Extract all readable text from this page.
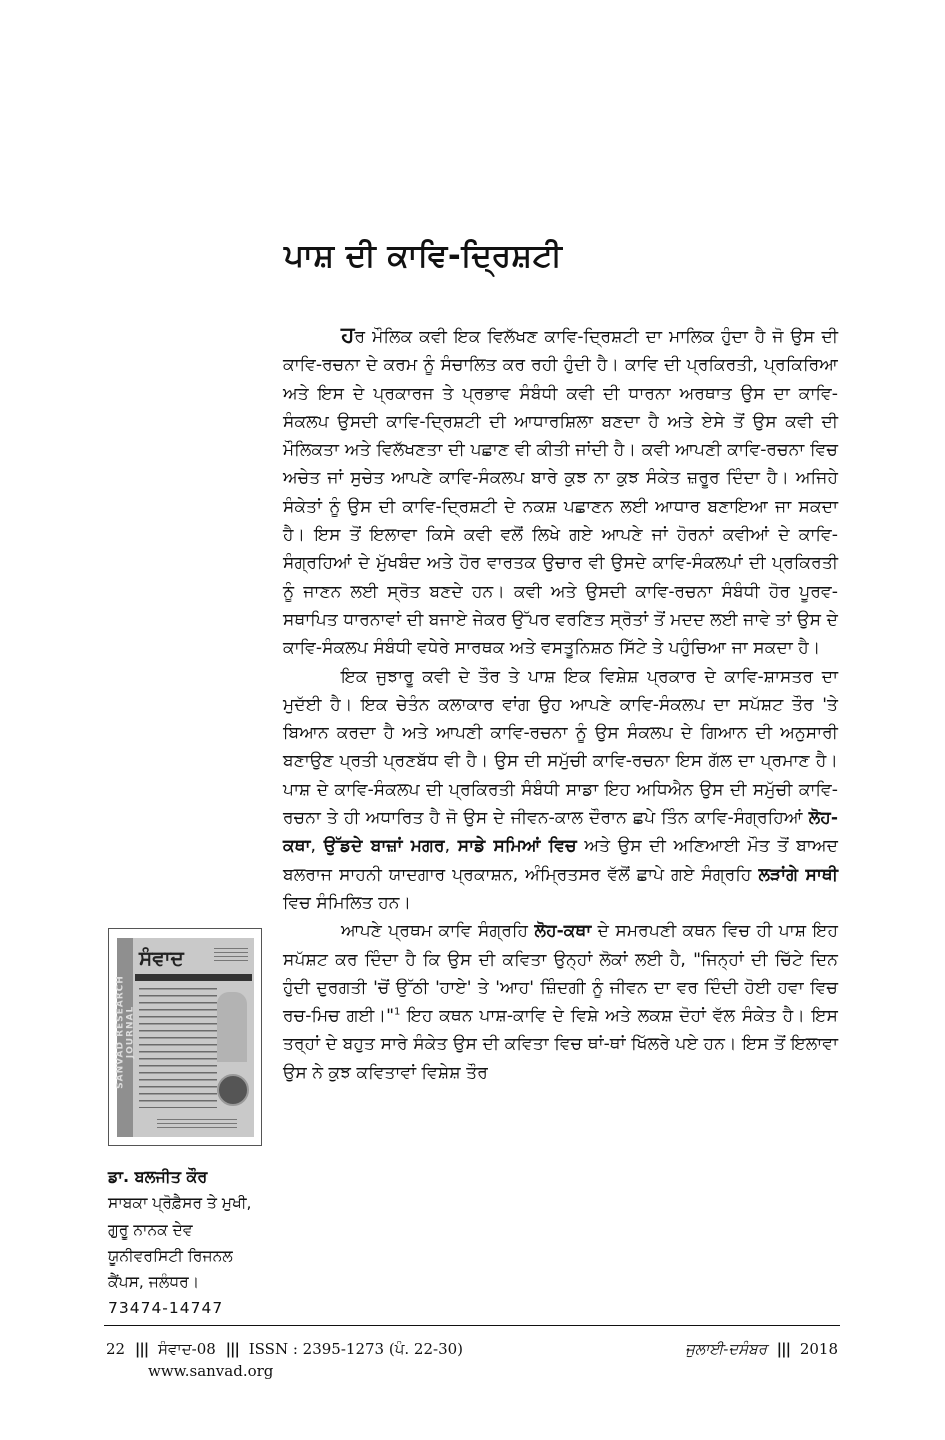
ਪਾਸ਼ ਦੀ ਕਾਵਿ-ਦ੍ਰਿਸ਼ਟੀ

ਹਰ ਮੌਲਿਕ ਕਵੀ ਇਕ ਵਿਲੱਖਣ ਕਾਵਿ-ਦ੍ਰਿਸ਼ਟੀ ਦਾ ਮਾਲਿਕ ਹੁੰਦਾ ਹੈ ਜੋ ਉਸ ਦੀ ਕਾਵਿ-ਰਚਨਾ ਦੇ ਕਰਮ ਨੂੰ ਸੰਚਾਲਿਤ ਕਰ ਰਹੀ ਹੁੰਦੀ ਹੈ। ਕਾਵਿ ਦੀ ਪ੍ਰਕਿਰਤੀ, ਪ੍ਰਕਿਰਿਆ ਅਤੇ ਇਸ ਦੇ ਪ੍ਰਕਾਰਜ ਤੇ ਪ੍ਰਭਾਵ ਸੰਬੰਧੀ ਕਵੀ ਦੀ ਧਾਰਨਾ ਅਰਥਾਤ ਉਸ ਦਾ ਕਾਵਿ-ਸੰਕਲਪ ਉਸਦੀ ਕਾਵਿ-ਦ੍ਰਿਸ਼ਟੀ ਦੀ ਆਧਾਰਸ਼ਿਲਾ ਬਣਦਾ ਹੈ ਅਤੇ ਏਸੇ ਤੋਂ ਉਸ ਕਵੀ ਦੀ ਮੌਲਿਕਤਾ ਅਤੇ ਵਿਲੱਖਣਤਾ ਦੀ ਪਛਾਣ ਵੀ ਕੀਤੀ ਜਾਂਦੀ ਹੈ। ਕਵੀ ਆਪਣੀ ਕਾਵਿ-ਰਚਨਾ ਵਿਚ ਅਚੇਤ ਜਾਂ ਸੁਚੇਤ ਆਪਣੇ ਕਾਵਿ-ਸੰਕਲਪ ਬਾਰੇ ਕੁਝ ਨਾ ਕੁਝ ਸੰਕੇਤ ਜ਼ਰੂਰ ਦਿੰਦਾ ਹੈ। ਅਜਿਹੇ ਸੰਕੇਤਾਂ ਨੂੰ ਉਸ ਦੀ ਕਾਵਿ-ਦ੍ਰਿਸ਼ਟੀ ਦੇ ਨਕਸ਼ ਪਛਾਣਨ ਲਈ ਆਧਾਰ ਬਣਾਇਆ ਜਾ ਸਕਦਾ ਹੈ। ਇਸ ਤੋਂ ਇਲਾਵਾ ਕਿਸੇ ਕਵੀ ਵਲੋਂ ਲਿਖੇ ਗਏ ਆਪਣੇ ਜਾਂ ਹੋਰਨਾਂ ਕਵੀਆਂ ਦੇ ਕਾਵਿ-ਸੰਗ੍ਰਹਿਆਂ ਦੇ ਮੁੱਖਬੰਦ ਅਤੇ ਹੋਰ ਵਾਰਤਕ ਉਚਾਰ ਵੀ ਉਸਦੇ ਕਾਵਿ-ਸੰਕਲਪਾਂ ਦੀ ਪ੍ਰਕਿਰਤੀ ਨੂੰ ਜਾਣਨ ਲਈ ਸ੍ਰੋਤ ਬਣਦੇ ਹਨ। ਕਵੀ ਅਤੇ ਉਸਦੀ ਕਾਵਿ-ਰਚਨਾ ਸੰਬੰਧੀ ਹੋਰ ਪੂਰਵ-ਸਥਾਪਿਤ ਧਾਰਨਾਵਾਂ ਦੀ ਬਜਾਏ ਜੇਕਰ ਉੱਪਰ ਵਰਣਿਤ ਸ੍ਰੋਤਾਂ ਤੋਂ ਮਦਦ ਲਈ ਜਾਵੇ ਤਾਂ ਉਸ ਦੇ ਕਾਵਿ-ਸੰਕਲਪ ਸੰਬੰਧੀ ਵਧੇਰੇ ਸਾਰਥਕ ਅਤੇ ਵਸਤੂਨਿਸ਼ਠ ਸਿੱਟੇ ਤੇ ਪਹੁੰਚਿਆ ਜਾ ਸਕਦਾ ਹੈ।

ਇਕ ਜੁਝਾਰੂ ਕਵੀ ਦੇ ਤੌਰ ਤੇ ਪਾਸ਼ ਇਕ ਵਿਸ਼ੇਸ਼ ਪ੍ਰਕਾਰ ਦੇ ਕਾਵਿ-ਸ਼ਾਸਤਰ ਦਾ ਮੁਦੱਈ ਹੈ। ਇਕ ਚੇਤੰਨ ਕਲਾਕਾਰ ਵਾਂਗ ਉਹ ਆਪਣੇ ਕਾਵਿ-ਸੰਕਲਪ ਦਾ ਸਪੱਸ਼ਟ ਤੌਰ 'ਤੇ ਬਿਆਨ ਕਰਦਾ ਹੈ ਅਤੇ ਆਪਣੀ ਕਾਵਿ-ਰਚਨਾ ਨੂੰ ਉਸ ਸੰਕਲਪ ਦੇ ਗਿਆਨ ਦੀ ਅਨੁਸਾਰੀ ਬਣਾਉਣ ਪ੍ਰਤੀ ਪ੍ਰਣਬੱਧ ਵੀ ਹੈ। ਉਸ ਦੀ ਸਮੁੱਚੀ ਕਾਵਿ-ਰਚਨਾ ਇਸ ਗੱਲ ਦਾ ਪ੍ਰਮਾਣ ਹੈ। ਪਾਸ਼ ਦੇ ਕਾਵਿ-ਸੰਕਲਪ ਦੀ ਪ੍ਰਕਿਰਤੀ ਸੰਬੰਧੀ ਸਾਡਾ ਇਹ ਅਧਿਐਨ ਉਸ ਦੀ ਸਮੁੱਚੀ ਕਾਵਿ-ਰਚਨਾ ਤੇ ਹੀ ਅਧਾਰਿਤ ਹੈ ਜੋ ਉਸ ਦੇ ਜੀਵਨ-ਕਾਲ ਦੌਰਾਨ ਛਪੇ ਤਿੰਨ ਕਾਵਿ-ਸੰਗ੍ਰਹਿਆਂ ਲੋਹ-ਕਥਾ, ਉੱਡਦੇ ਬਾਜ਼ਾਂ ਮਗਰ, ਸਾਡੇ ਸਮਿਆਂ ਵਿਚ ਅਤੇ ਉਸ ਦੀ ਅਣਿਆਈ ਮੌਤ ਤੋਂ ਬਾਅਦ ਬਲਰਾਜ ਸਾਹਨੀ ਯਾਦਗਾਰ ਪ੍ਰਕਾਸ਼ਨ, ਅੰਮ੍ਰਿਤਸਰ ਵੱਲੋਂ ਛਾਪੇ ਗਏ ਸੰਗ੍ਰਹਿ ਲੜਾਂਗੇ ਸਾਥੀ ਵਿਚ ਸੰਮਿਲਿਤ ਹਨ।

ਆਪਣੇ ਪ੍ਰਥਮ ਕਾਵਿ ਸੰਗ੍ਰਹਿ ਲੋਹ-ਕਥਾ ਦੇ ਸਮਰਪਣੀ ਕਥਨ ਵਿਚ ਹੀ ਪਾਸ਼ ਇਹ ਸਪੱਸ਼ਟ ਕਰ ਦਿੰਦਾ ਹੈ ਕਿ ਉਸ ਦੀ ਕਵਿਤਾ ਉਨ੍ਹਾਂ ਲੋਕਾਂ ਲਈ ਹੈ, "ਜਿਨ੍ਹਾਂ ਦੀ ਚਿੱਟੇ ਦਿਨ ਹੁੰਦੀ ਦੁਰਗਤੀ 'ਚੋਂ ਉੱਠੀ 'ਹਾਏ' ਤੇ 'ਆਹ' ਜ਼ਿੰਦਗੀ ਨੂੰ ਜੀਵਨ ਦਾ ਵਰ ਦਿੰਦੀ ਹੋਈ ਹਵਾ ਵਿਚ ਰਚ-ਮਿਚ ਗਈ।"$^1$ ਇਹ ਕਥਨ ਪਾਸ਼-ਕਾਵਿ ਦੇ ਵਿਸ਼ੇ ਅਤੇ ਲਕਸ਼ ਦੋਹਾਂ ਵੱਲ ਸੰਕੇਤ ਹੈ। ਇਸ ਤਰ੍ਹਾਂ ਦੇ ਬਹੁਤ ਸਾਰੇ ਸੰਕੇਤ ਉਸ ਦੀ ਕਵਿਤਾ ਵਿਚ ਥਾਂ-ਥਾਂ ਖਿੱਲਰੇ ਪਏ ਹਨ। ਇਸ ਤੋਂ ਇਲਾਵਾ ਉਸ ਨੇ ਕੁਝ ਕਵਿਤਾਵਾਂ ਵਿਸ਼ੇਸ਼ ਤੌਰ

SANVAD RESEARCH JOURNAL
ਸੰਵਾਦ
ਡਾ. ਬਲਜੀਤ ਕੌਰ
ਸਾਬਕਾ ਪ੍ਰੋਫ਼ੈਸਰ ਤੇ ਮੁਖੀ,
ਗੁਰੂ ਨਾਨਕ ਦੇਵ
ਯੂਨੀਵਰਸਿਟੀ ਰਿਜਨਲ
ਕੈਂਪਸ, ਜਲੰਧਰ।
73474-14747
22 ||| ਸੰਵਾਦ-08 ||| ISSN : 2395-1273 (ਪੰ. 22-30)
www.sanvad.org
ਜੁਲਾਈ-ਦਸੰਬਰ ||| 2018
